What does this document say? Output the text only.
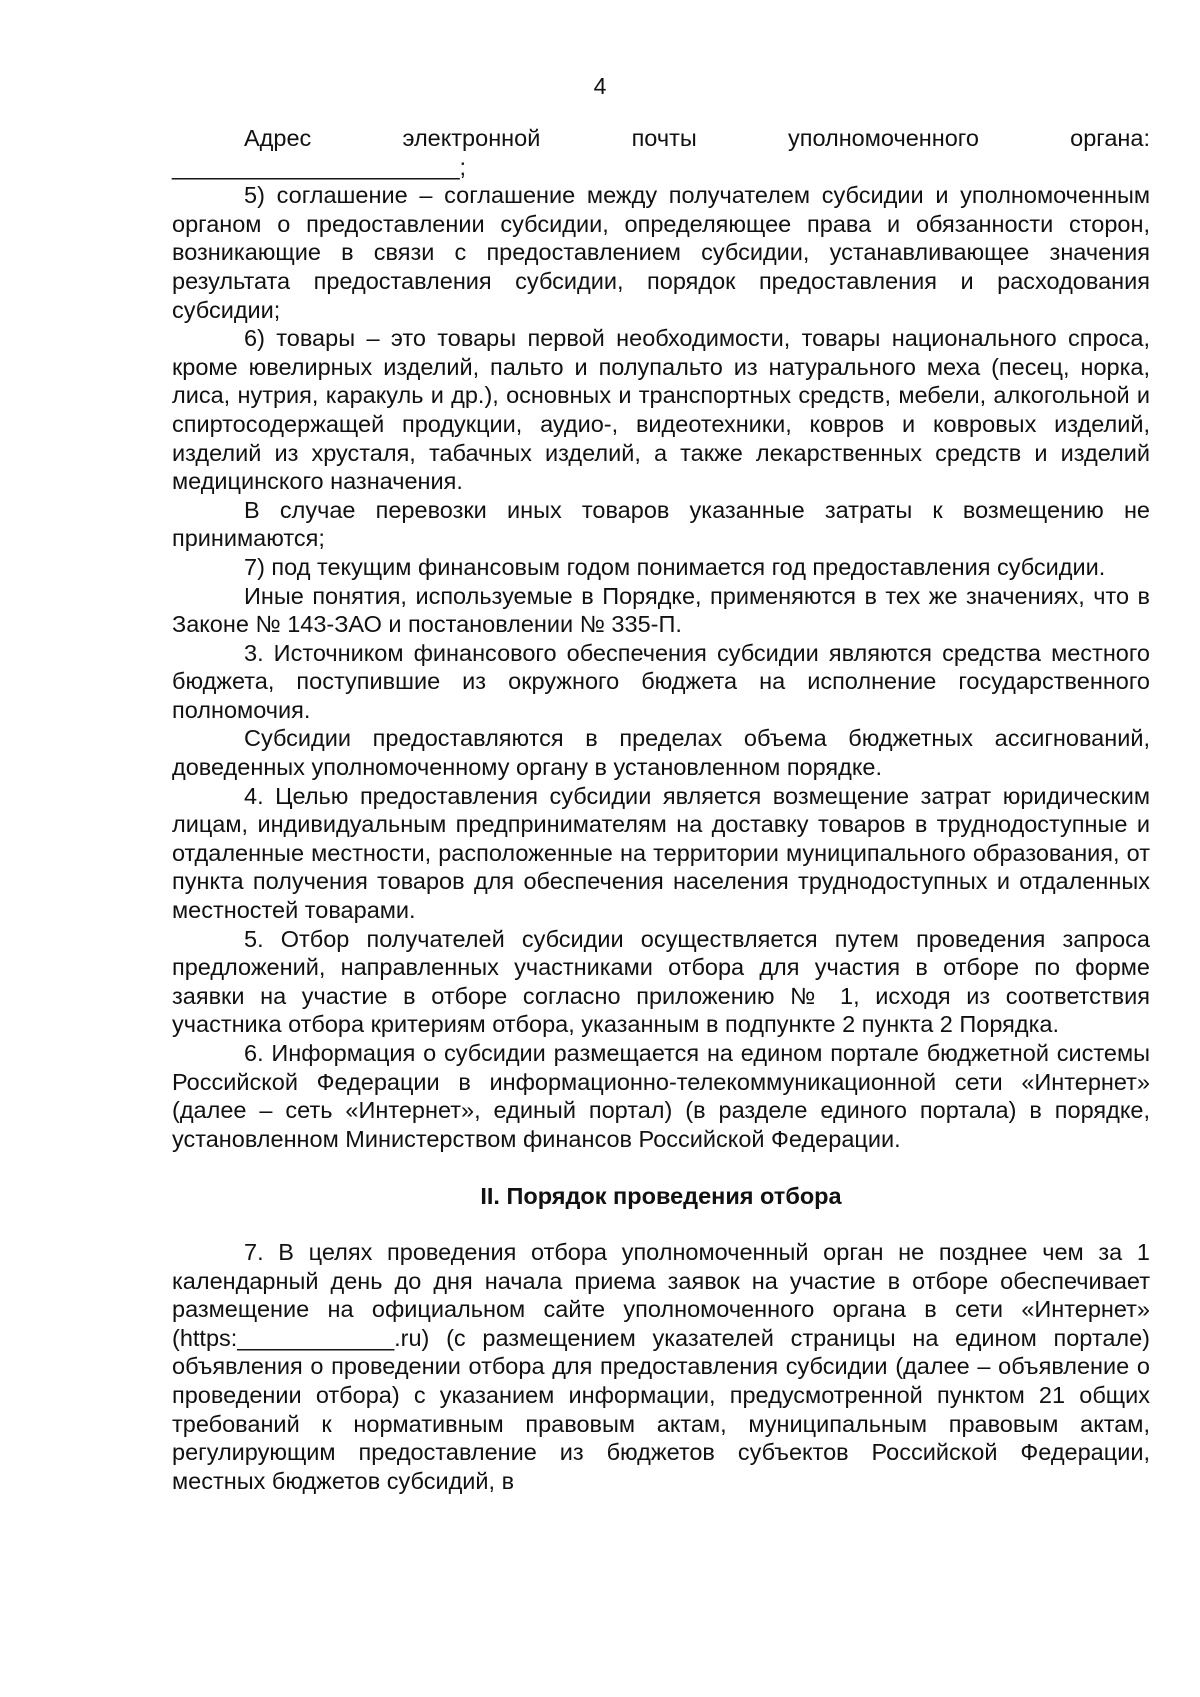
4

Адрес электронной почты уполномоченного органа:

______________________;

5) соглашение – соглашение между получателем субсидии и уполномоченным органом о предоставлении субсидии, определяющее права и обязанности сторон, возникающие в связи с предоставлением субсидии, устанавливающее значения результата предоставления субсидии, порядок предоставления и расходования субсидии;

6) товары – это товары первой необходимости, товары национального спроса, кроме ювелирных изделий, пальто и полупальто из натурального меха (песец, норка, лиса, нутрия, каракуль и др.), основных и транспортных средств, мебели, алкогольной и спиртосодержащей продукции, аудио-, видеотехники, ковров и ковровых изделий, изделий из хрусталя, табачных изделий, а также лекарственных средств и изделий медицинского назначения.

В случае перевозки иных товаров указанные затраты к возмещению не принимаются;

7) под текущим финансовым годом понимается год предоставления субсидии.

Иные понятия, используемые в Порядке, применяются в тех же значениях, что в Законе № 143-ЗАО и постановлении № 335-П.

3. Источником финансового обеспечения субсидии являются средства местного бюджета, поступившие из окружного бюджета на исполнение государственного полномочия.

Субсидии предоставляются в пределах объема бюджетных ассигнований, доведенных уполномоченному органу в установленном порядке.

4. Целью предоставления субсидии является возмещение затрат юридическим лицам, индивидуальным предпринимателям на доставку товаров в труднодоступные и отдаленные местности, расположенные на территории муниципального образования, от пункта получения товаров для обеспечения населения труднодоступных и отдаленных местностей товарами.

5. Отбор получателей субсидии осуществляется путем проведения запроса предложений, направленных участниками отбора для участия в отборе по форме заявки на участие в отборе согласно приложению № 1, исходя из соответствия участника отбора критериям отбора, указанным в подпункте 2 пункта 2 Порядка.

6. Информация о субсидии размещается на едином портале бюджетной системы Российской Федерации в информационно-телекоммуникационной сети «Интернет» (далее – сеть «Интернет», единый портал) (в разделе единого портала) в порядке, установленном Министерством финансов Российской Федерации.

II. Порядок проведения отбора

7. В целях проведения отбора уполномоченный орган не позднее чем за 1 календарный день до дня начала приема заявок на участие в отборе обеспечивает размещение на официальном сайте уполномоченного органа в сети «Интернет» (https:____________.ru) (с размещением указателей страницы на едином портале) объявления о проведении отбора для предоставления субсидии (далее – объявление о проведении отбора) с указанием информации, предусмотренной пунктом 21 общих требований к нормативным правовым актам, муниципальным правовым актам, регулирующим предоставление из бюджетов субъектов Российской Федерации, местных бюджетов субсидий, в
